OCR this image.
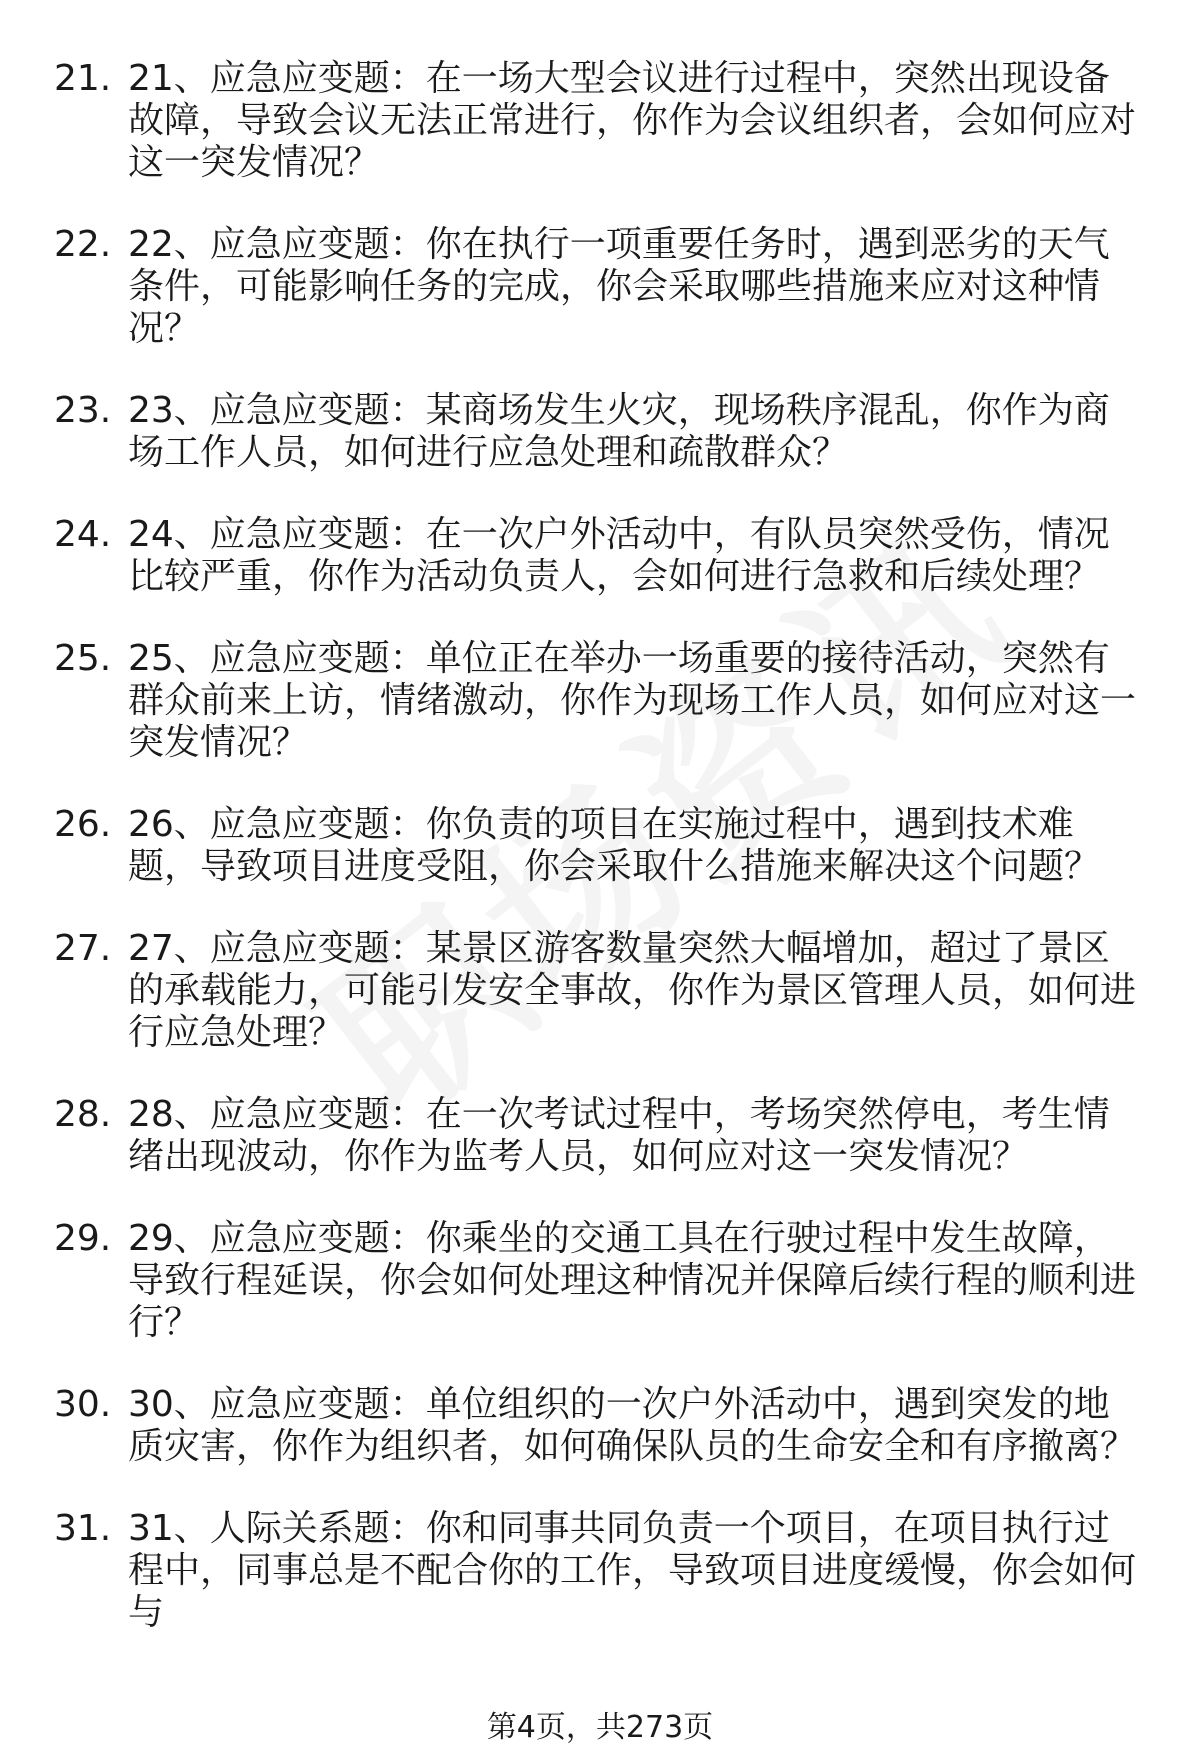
21. 21、应急应变题：在一场大型会议进行过程中，突然出现设备故障，导致会议无法正常进行，你作为会议组织者，会如何应对这一突发情况？
22. 22、应急应变题：你在执行一项重要任务时，遇到恶劣的天气条件，可能影响任务的完成，你会采取哪些措施来应对这种情况？
23. 23、应急应变题：某商场发生火灾，现场秩序混乱，你作为商场工作人员，如何进行应急处理和疏散群众？
24. 24、应急应变题：在一次户外活动中，有队员突然受伤，情况比较严重，你作为活动负责人，会如何进行急救和后续处理？
25. 25、应急应变题：单位正在举办一场重要的接待活动，突然有群众前来上访，情绪激动，你作为现场工作人员，如何应对这一突发情况？
26. 26、应急应变题：你负责的项目在实施过程中，遇到技术难题，导致项目进度受阻，你会采取什么措施来解决这个问题？
27. 27、应急应变题：某景区游客数量突然大幅增加，超过了景区的承载能力，可能引发安全事故，你作为景区管理人员，如何进行应急处理？
28. 28、应急应变题：在一次考试过程中，考场突然停电，考生情绪出现波动，你作为监考人员，如何应对这一突发情况？
29. 29、应急应变题：你乘坐的交通工具在行驶过程中发生故障，导致行程延误，你会如何处理这种情况并保障后续行程的顺利进行？
30. 30、应急应变题：单位组织的一次户外活动中，遇到突发的地质灾害，你作为组织者，如何确保队员的生命安全和有序撤离？
31. 31、人际关系题：你和同事共同负责一个项目，在项目执行过程中，同事总是不配合你的工作，导致项目进度缓慢，你会如何与
第4页，共273页
